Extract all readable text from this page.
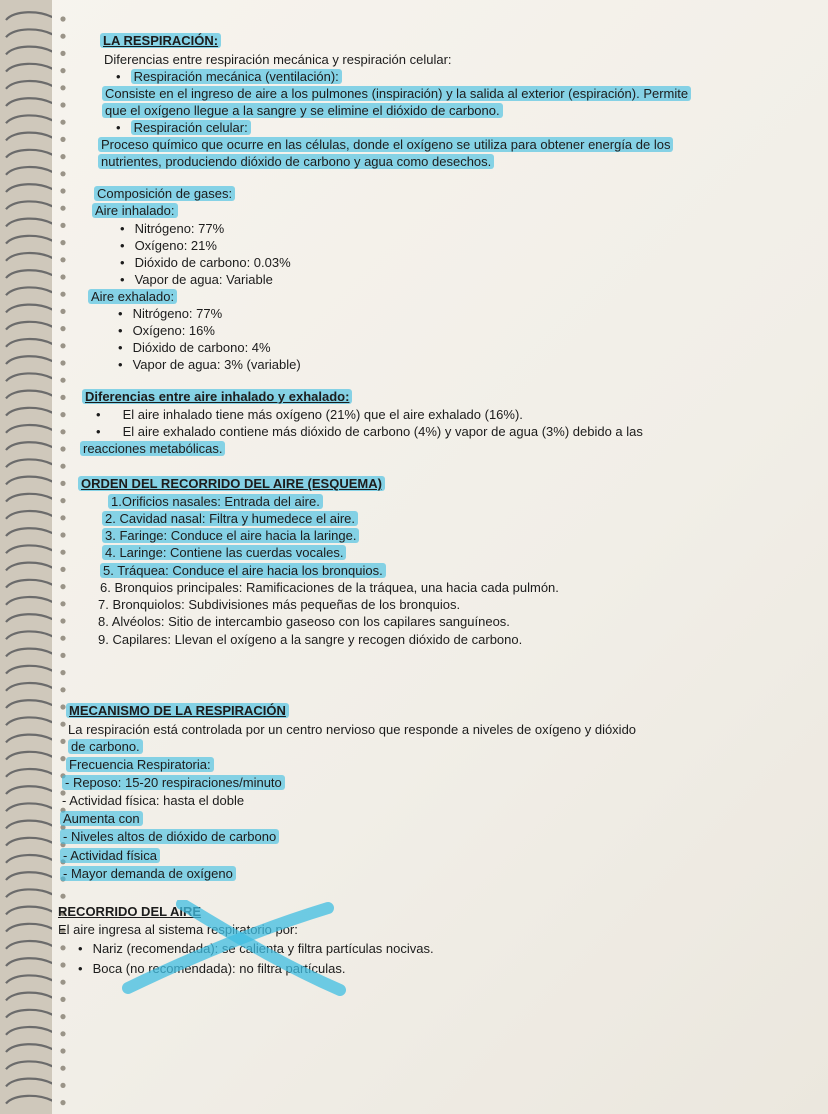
LA RESPIRACIÓN:
Diferencias entre respiración mecánica y respiración celular:
• Respiración mecánica (ventilación):
Consiste en el ingreso de aire a los pulmones (inspiración) y la salida al exterior (espiración). Permite
que el oxígeno llegue a la sangre y se elimine el dióxido de carbono.
• Respiración celular:
Proceso químico que ocurre en las células, donde el oxígeno se utiliza para obtener energía de los
nutrientes, produciendo dióxido de carbono y agua como desechos.
Composición de gases:
Aire inhalado:
• Nitrógeno: 77%
• Oxígeno: 21%
• Dióxido de carbono: 0.03%
• Vapor de agua: Variable
Aire exhalado:
• Nitrógeno: 77%
• Oxígeno: 16%
• Dióxido de carbono: 4%
• Vapor de agua: 3% (variable)
Diferencias entre aire inhalado y exhalado:
• El aire inhalado tiene más oxígeno (21%) que el aire exhalado (16%).
• El aire exhalado contiene más dióxido de carbono (4%) y vapor de agua (3%) debido a las
reacciones metabólicas.
ORDEN DEL RECORRIDO DEL AIRE (ESQUEMA)
1.Orificios nasales: Entrada del aire.
2. Cavidad nasal: Filtra y humedece el aire.
3. Faringe: Conduce el aire hacia la laringe.
4. Laringe: Contiene las cuerdas vocales.
5. Tráquea: Conduce el aire hacia los bronquios.
6. Bronquios principales: Ramificaciones de la tráquea, una hacia cada pulmón.
7. Bronquiolos: Subdivisiones más pequeñas de los bronquios.
8. Alvéolos: Sitio de intercambio gaseoso con los capilares sanguíneos.
9. Capilares: Llevan el oxígeno a la sangre y recogen dióxido de carbono.
MECANISMO DE LA RESPIRACIÓN
La respiración está controlada por un centro nervioso que responde a niveles de oxígeno y dióxido
de carbono.
Frecuencia Respiratoria:
- Reposo: 15-20 respiraciones/minuto
- Actividad física: hasta el doble
Aumenta con
- Niveles altos de dióxido de carbono
- Actividad física
- Mayor demanda de oxígeno
RECORRIDO DEL AIRE
El aire ingresa al sistema respiratorio por:
• Nariz (recomendada): se calienta y filtra partículas nocivas.
• Boca (no recomendada): no filtra partículas.
